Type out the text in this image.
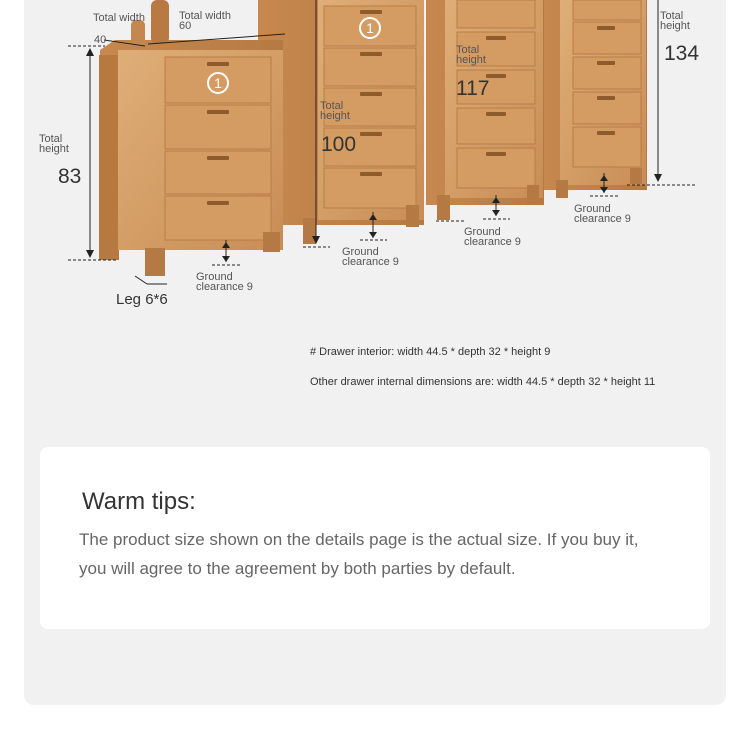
1
1
Total width
40
Total width
60
Total
height
83
Total
height
100
Total
height
117
Total
height
134
Ground
clearance 9
Ground
clearance 9
Ground
clearance 9
Ground
clearance 9
Leg 6*6
# Drawer interior: width 44.5 * depth 32 * height 9
Other drawer internal dimensions are: width 44.5 * depth 32 * height 11
Warm tips:
The product size shown on the details page is the actual size. If you buy it, you will agree to the agreement by both parties by default.
